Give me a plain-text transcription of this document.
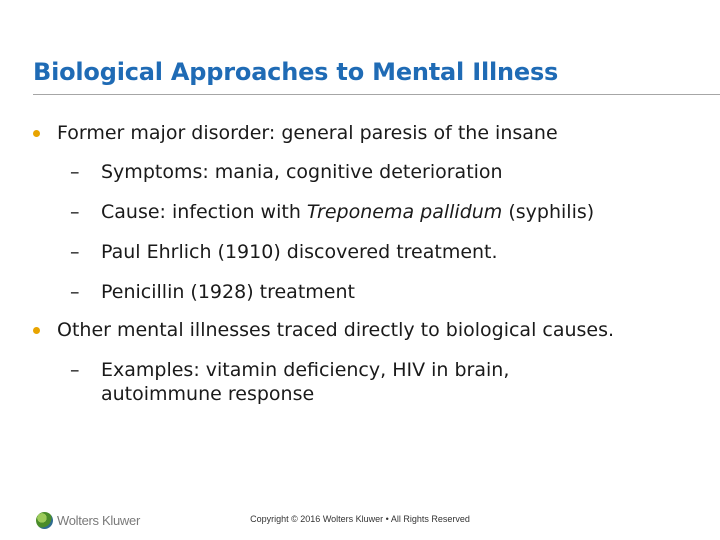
Biological Approaches to Mental Illness
Former major disorder: general paresis of the insane
– Symptoms: mania, cognitive deterioration
– Cause: infection with Treponema pallidum (syphilis)
– Paul Ehrlich (1910) discovered treatment.
– Penicillin (1928) treatment
Other mental illnesses traced directly to biological causes.
– Examples: vitamin deficiency, HIV in brain,
autoimmune response
Wolters Kluwer	Copyright © 2016 Wolters Kluwer • All Rights Reserved
